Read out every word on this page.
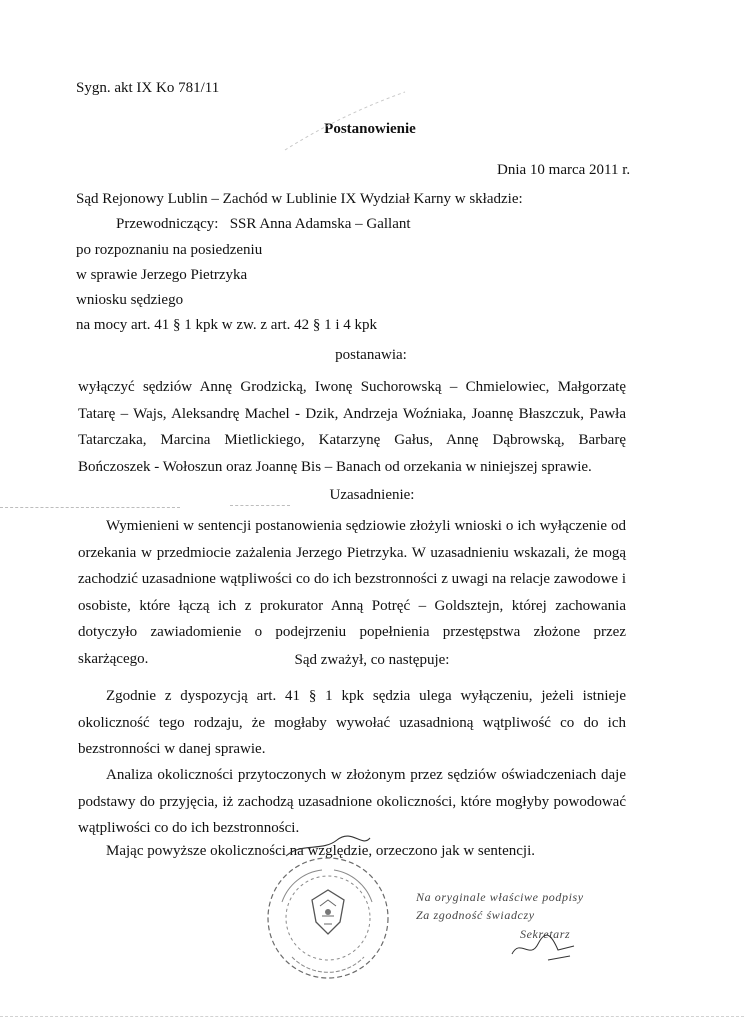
Sygn. akt IX Ko 781/11
Postanowienie
Dnia 10 marca 2011 r.
Sąd Rejonowy Lublin – Zachód w Lublinie IX Wydział Karny w składzie:
Przewodniczący:   SSR Anna Adamska – Gallant
po rozpoznaniu na posiedzeniu
w sprawie Jerzego Pietrzyka
wniosku sędziego
na mocy art. 41 § 1 kpk w zw. z art. 42 § 1 i 4 kpk
postanawia:
wyłączyć sędziów Annę Grodzicką, Iwonę Suchorowską – Chmielowiec, Małgorzatę Tatarę – Wajs, Aleksandrę Machel - Dzik, Andrzeja Woźniaka, Joannę Błaszczuk, Pawła Tatarczaka, Marcina Mietlickiego, Katarzynę Gałus, Annę Dąbrowską, Barbarę Bończoszek - Wołoszun oraz Joannę Bis – Banach od orzekania w niniejszej sprawie.
Uzasadnienie:
Wymienieni w sentencji postanowienia sędziowie złożyli wnioski o ich wyłączenie od orzekania w przedmiocie zażalenia Jerzego Pietrzyka. W uzasadnieniu wskazali, że mogą zachodzić uzasadnione wątpliwości co do ich bezstronności z uwagi na relacje zawodowe i osobiste, które łączą ich z prokurator Anną Potręć – Goldsztejn, której zachowania dotyczyło zawiadomienie o podejrzeniu popełnienia przestępstwa złożone przez skarżącego.	Sąd zważył, co następuje:
Zgodnie z dyspozycją art. 41 § 1 kpk sędzia ulega wyłączeniu, jeżeli istnieje okoliczność tego rodzaju, że mogłaby wywołać uzasadnioną wątpliwość co do ich bezstronności w danej sprawie.
Analiza okoliczności przytoczonych w złożonym przez sędziów oświadczeniach daje podstawy do przyjęcia, iż zachodzą uzasadnione okoliczności, które mogłyby powodować wątpliwości co do ich bezstronności.
Mając powyższe okoliczności na względzie, orzeczono jak w sentencji.
Na oryginale właściwe podpisy
Za zgodność świadczy
Sekretarz
